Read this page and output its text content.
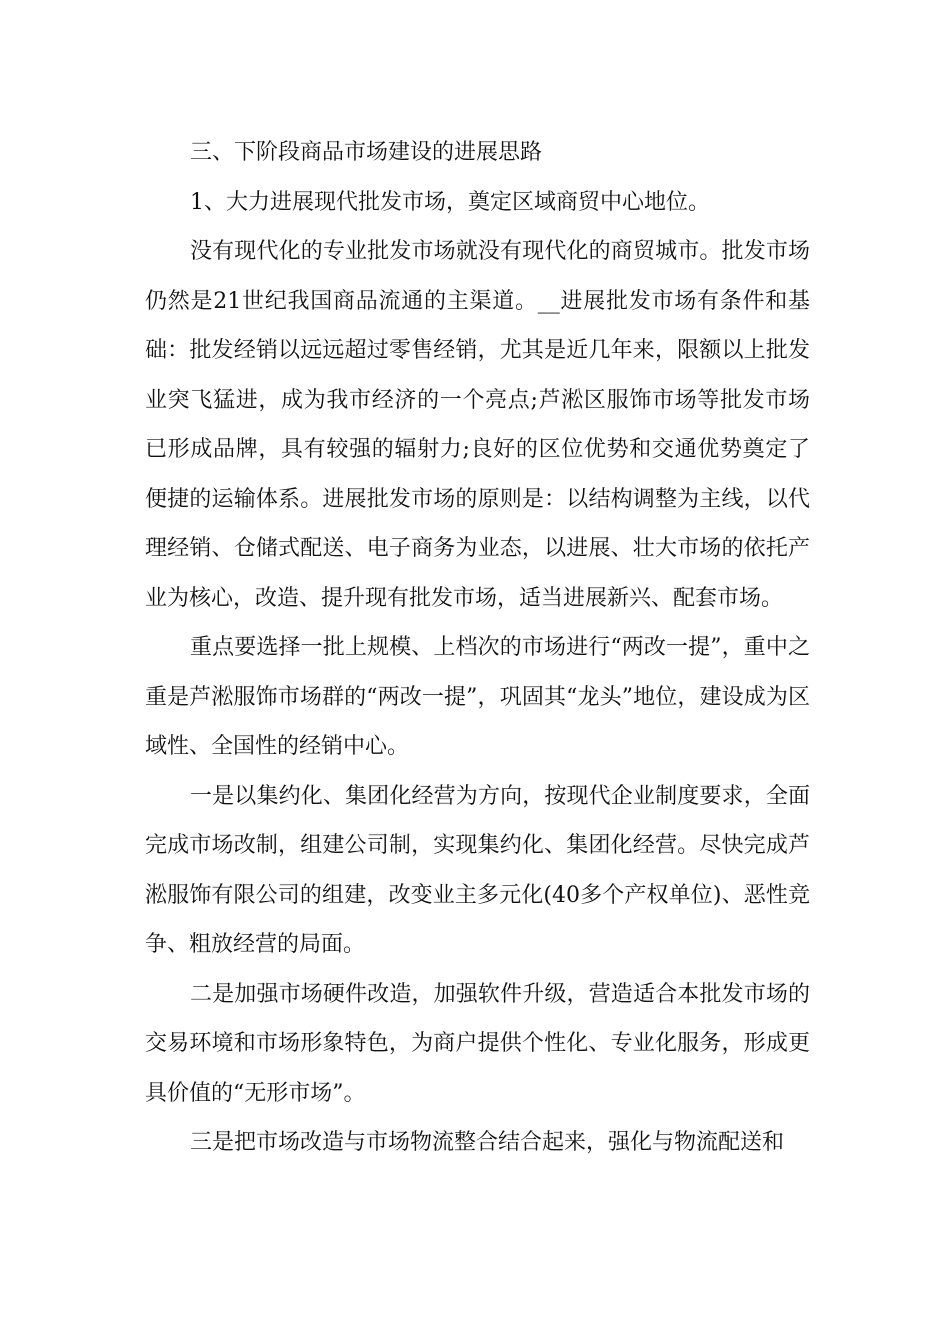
三、下阶段商品市场建设的进展思路

1、大力进展现代批发市场，奠定区域商贸中心地位。

没有现代化的专业批发市场就没有现代化的商贸城市。批发市场仍然是21世纪我国商品流通的主渠道。__进展批发市场有条件和基础：批发经销以远远超过零售经销，尤其是近几年来，限额以上批发业突飞猛进，成为我市经济的一个亮点;芦淞区服饰市场等批发市场已形成品牌，具有较强的辐射力;良好的区位优势和交通优势奠定了便捷的运输体系。进展批发市场的原则是：以结构调整为主线，以代理经销、仓储式配送、电子商务为业态，以进展、壮大市场的依托产业为核心，改造、提升现有批发市场，适当进展新兴、配套市场。

重点要选择一批上规模、上档次的市场进行“两改一提”，重中之重是芦淞服饰市场群的“两改一提”，巩固其“龙头”地位，建设成为区域性、全国性的经销中心。

一是以集约化、集团化经营为方向，按现代企业制度要求，全面完成市场改制，组建公司制，实现集约化、集团化经营。尽快完成芦淞服饰有限公司的组建，改变业主多元化(40多个产权单位)、恶性竞争、粗放经营的局面。

二是加强市场硬件改造，加强软件升级，营造适合本批发市场的交易环境和市场形象特色，为商户提供个性化、专业化服务，形成更具价值的“无形市场”。

三是把市场改造与市场物流整合结合起来，强化与物流配送和
